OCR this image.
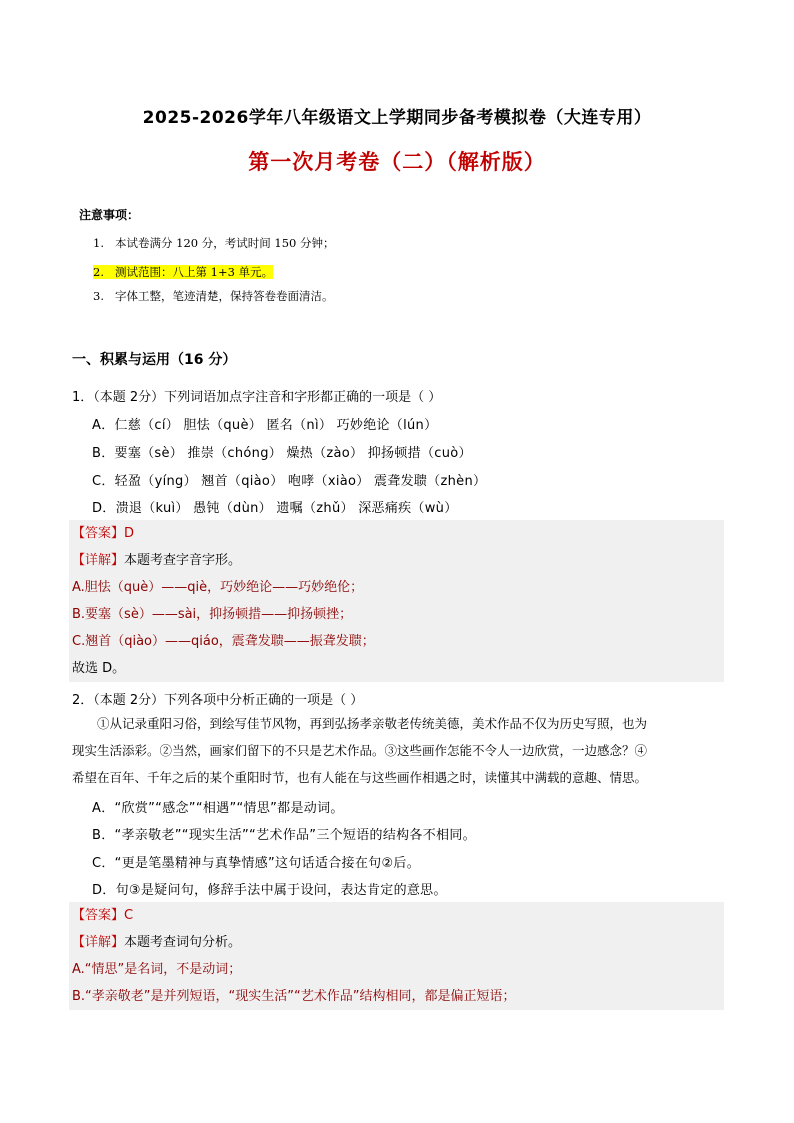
2025-2026学年八年级语文上学期同步备考模拟卷（大连专用）
第一次月考卷（二）（解析版）
注意事项：
1. 本试卷满分 120 分，考试时间 150 分钟；
2. 测试范围：八上第 1+3 单元。
3. 字体工整，笔迹清楚，保持答卷卷面清洁。
一、积累与运用（16 分）
1．（本题 2分）下列词语加点字注音和字形都正确的一项是（ ）
A．仁慈（cí） 胆怯（què） 匿名（nì） 巧妙绝论（lún）
B．要塞（sè） 推崇（chóng） 燥热（zào） 抑扬顿措（cuò）
C．轻盈（yíng） 翘首（qiào） 咆哮（xiào） 震聋发聩（zhèn）
D．溃退（kuì） 愚钝（dùn） 遗嘱（zhǔ） 深恶痛疾（wù）
【答案】D
【详解】本题考查字音字形。
A.胆怯（què）——qiè，巧妙绝论——巧妙绝伦；
B.要塞（sè）——sài，抑扬顿措——抑扬顿挫；
C.翘首（qiào）——qiáo，震聋发聩——振聋发聩；
故选 D。
2．（本题 2分）下列各项中分析正确的一项是（ ）
　　①从记录重阳习俗，到绘写佳节风物，再到弘扬孝亲敬老传统美德，美术作品不仅为历史写照，也为
现实生活添彩。②当然，画家们留下的不只是艺术作品。③这些画作怎能不令人一边欣赏，一边感念？④
希望在百年、千年之后的某个重阳时节，也有人能在与这些画作相遇之时，读懂其中满载的意趣、情思。
A．“欣赏”“感念”“相遇”“情思”都是动词。
B．“孝亲敬老”“现实生活”“艺术作品”三个短语的结构各不相同。
C．“更是笔墨精神与真挚情感”这句话适合接在句②后。
D．句③是疑问句，修辞手法中属于设问，表达肯定的意思。
【答案】C
【详解】本题考查词句分析。
A.“情思”是名词，不是动词；
B.“孝亲敬老”是并列短语，“现实生活”“艺术作品”结构相同，都是偏正短语；
